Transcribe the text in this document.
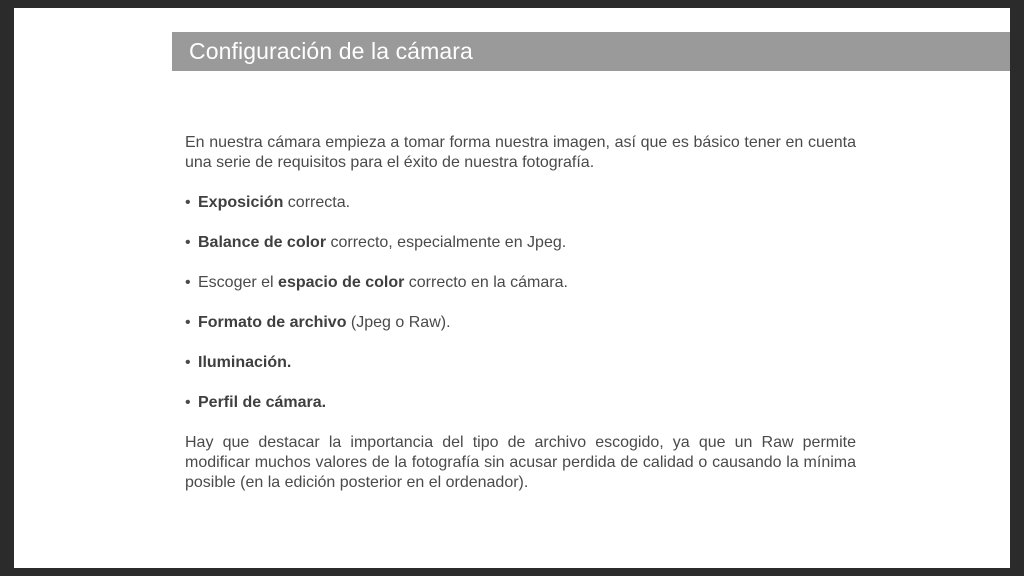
Configuración de la cámara

En nuestra cámara empieza a tomar forma nuestra imagen, así que es básico tener en cuenta una serie de requisitos para el éxito de nuestra fotografía.

• Exposición correcta.
• Balance de color correcto, especialmente en Jpeg.
• Escoger el espacio de color correcto en la cámara.
• Formato de archivo (Jpeg o Raw).
• Iluminación.
• Perfil de cámara.

Hay que destacar la importancia del tipo de archivo escogido, ya que un Raw permite modificar muchos valores de la fotografía sin acusar perdida de calidad o causando la mínima posible (en la edición posterior en el ordenador).
